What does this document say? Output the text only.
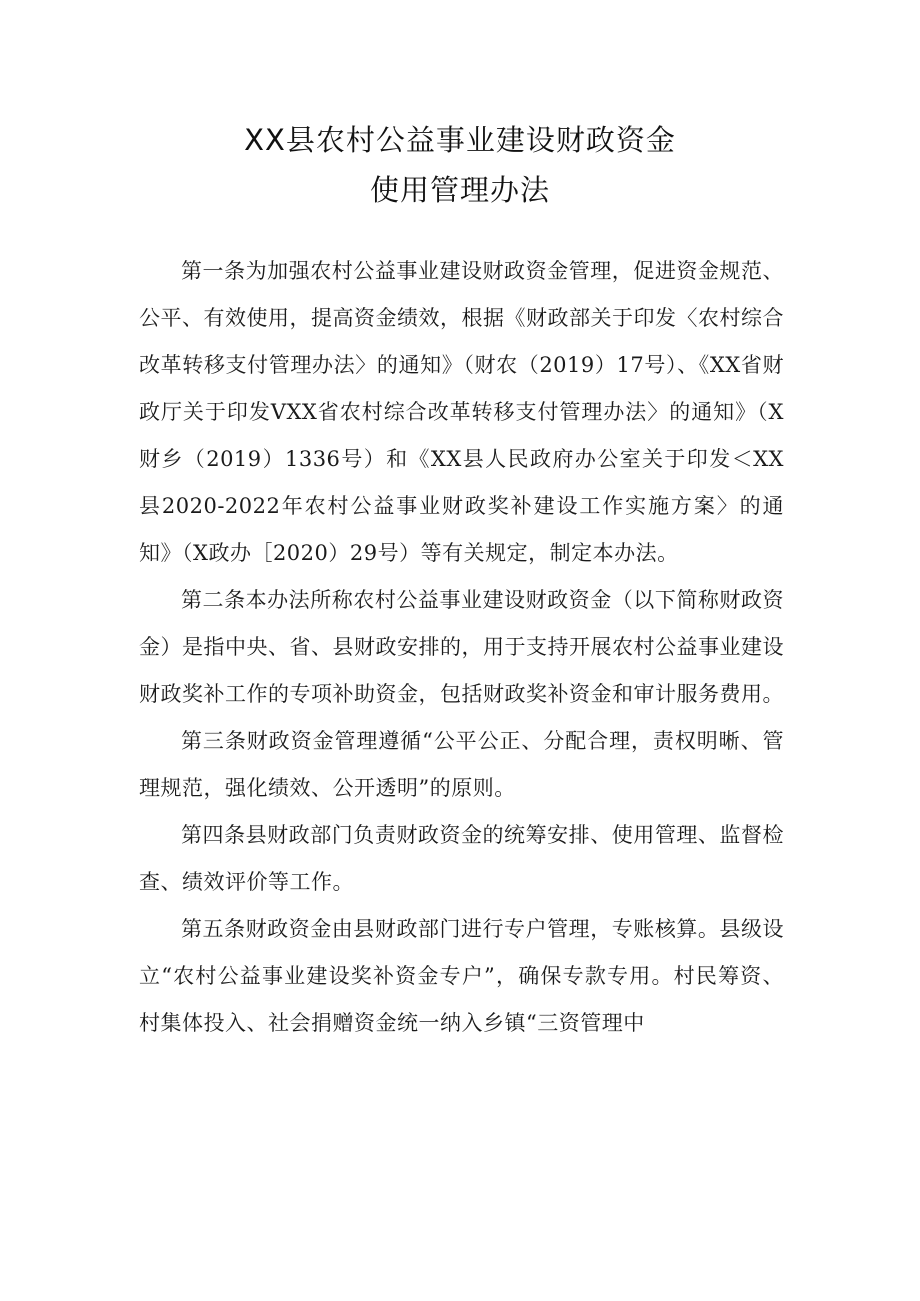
XX县农村公益事业建设财政资金
使用管理办法

第一条为加强农村公益事业建设财政资金管理，促进资金规范、公平、有效使用，提高资金绩效，根据《财政部关于印发〈农村综合改革转移支付管理办法〉的通知》（财农（2019）17号）、《XX省财政厅关于印发VXX省农村综合改革转移支付管理办法〉的通知》（X财乡（2019）1336号）和《XX县人民政府办公室关于印发＜XX县2020-2022年农村公益事业财政奖补建设工作实施方案〉的通知》（X政办［2020）29号）等有关规定，制定本办法。

第二条本办法所称农村公益事业建设财政资金（以下简称财政资金）是指中央、省、县财政安排的，用于支持开展农村公益事业建设财政奖补工作的专项补助资金，包括财政奖补资金和审计服务费用。

第三条财政资金管理遵循“公平公正、分配合理，责权明晰、管理规范，强化绩效、公开透明”的原则。

第四条县财政部门负责财政资金的统筹安排、使用管理、监督检查、绩效评价等工作。

第五条财政资金由县财政部门进行专户管理，专账核算。县级设立“农村公益事业建设奖补资金专户”，确保专款专用。村民筹资、村集体投入、社会捐赠资金统一纳入乡镇“三资管理中
